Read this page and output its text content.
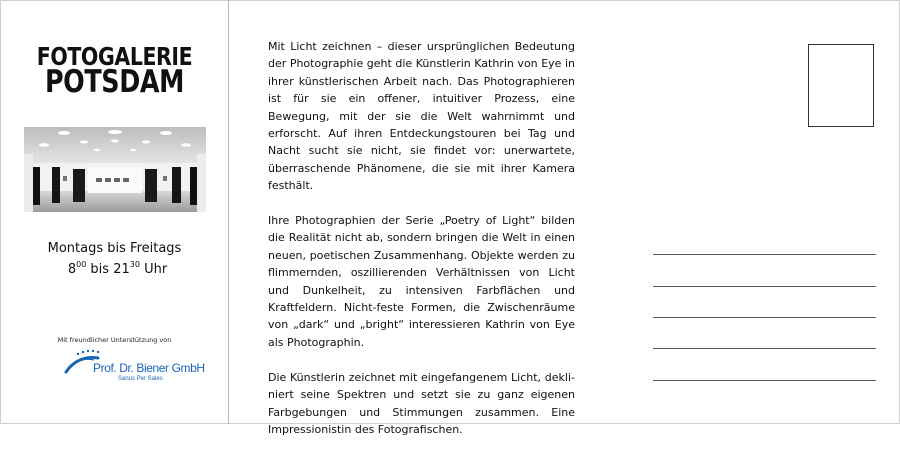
FOTOGALERIE
POTSDAM
Montags bis Freitags
$8^{00}$ bis $21^{30}$ Uhr
Mit freundlicher Unterstützung von
Prof. Dr. Biener GmbH
Sanus Per Sales

Mit Licht zeichnen – dieser ursprünglichen Bedeutung der Photographie geht die Künstlerin Kathrin von Eye in ihrer künstlerischen Arbeit nach. Das Photographieren ist für sie ein offener, intuitiver Prozess, eine Bewegung, mit der sie die Welt wahrnimmt und erforscht. Auf ihren Entdeckungstouren bei Tag und Nacht sucht sie nicht, sie findet vor: unerwartete, überraschende Phänomene, die sie mit ihrer Kamera festhält.

Ihre Photographien der Serie „Poetry of Light“ bilden die Realität nicht ab, sondern bringen die Welt in einen neuen, poetischen Zusammenhang. Objekte werden zu flimmernden, oszillierenden Verhältnissen von Licht und Dunkelheit, zu intensiven Farbflächen und Kraftfeldern. Nicht-feste Formen, die Zwischenräume von „dark“ und „bright“ interessieren Kathrin von Eye als Photographin.

Die Künstlerin zeichnet mit eingefangenem Licht, dekliniert seine Spektren und setzt sie zu ganz eigenen Farbgebungen und Stimmungen zusammen. Eine Impressionistin des Fotografischen.
